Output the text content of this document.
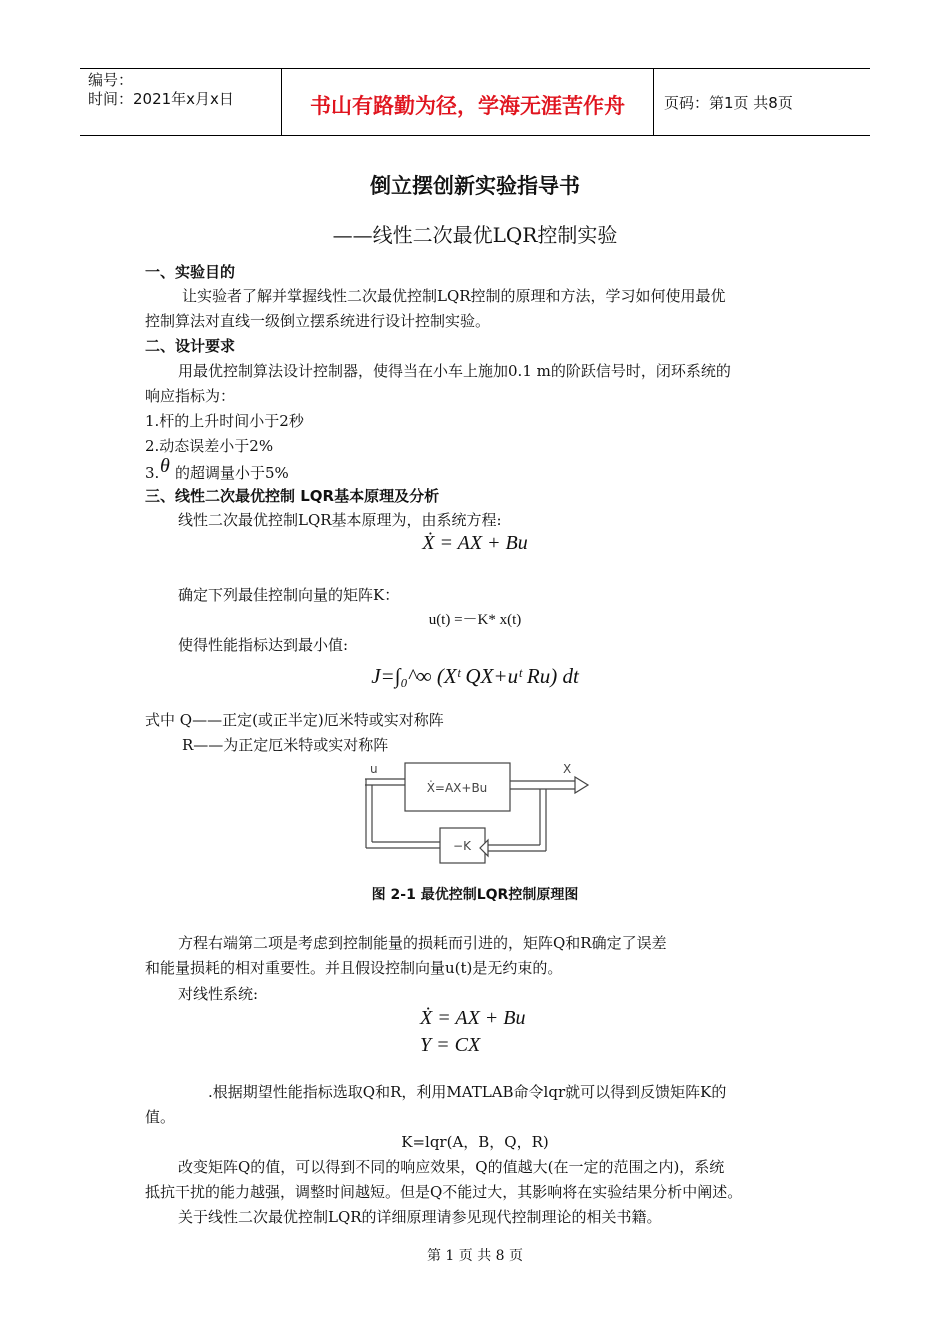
编号：
时间：2021年x月x日	书山有路勤为径，学海无涯苦作舟	页码：第1页 共8页
倒立摆创新实验指导书
——线性二次最优LQR控制实验
一、实验目的
让实验者了解并掌握线性二次最优控制LQR控制的原理和方法，学习如何使用最优
控制算法对直线一级倒立摆系统进行设计控制实验。
二、设计要求
用最优控制算法设计控制器，使得当在小车上施加0.1 m的阶跃信号时，闭环系统的
响应指标为：
1.杆的上升时间小于2秒
2.动态误差小于2%
3. θ 的超调量小于5%
三、线性二次最优控制 LQR基本原理及分析
线性二次最优控制LQR基本原理为，由系统方程:
Ẋ = AX + Bu
确定下列最佳控制向量的矩阵K：
u(t) =－K* x(t)
使得性能指标达到最小值:
J=∫₀^∞ (Xᵗ QX+uᵗ Ru) dt
式中 Q——正定(或正半定)厄米特或实对称阵
R——为正定厄米特或实对称阵
u	X
Ẋ=AX+Bu
−K
图 2-1 最优控制LQR控制原理图
方程右端第二项是考虑到控制能量的损耗而引进的，矩阵Q和R确定了误差
和能量损耗的相对重要性。并且假设控制向量u(t)是无约束的。
对线性系统:
Ẋ = AX + Bu
Y = CX
.根据期望性能指标选取Q和R，利用MATLAB命令lqr就可以得到反馈矩阵K的
值。
K=lqr(A，B，Q，R)
改变矩阵Q的值，可以得到不同的响应效果，Q的值越大(在一定的范围之内)，系统
抵抗干扰的能力越强，调整时间越短。但是Q不能过大，其影响将在实验结果分析中阐述。
关于线性二次最优控制LQR的详细原理请参见现代控制理论的相关书籍。
第 1 页 共 8 页
